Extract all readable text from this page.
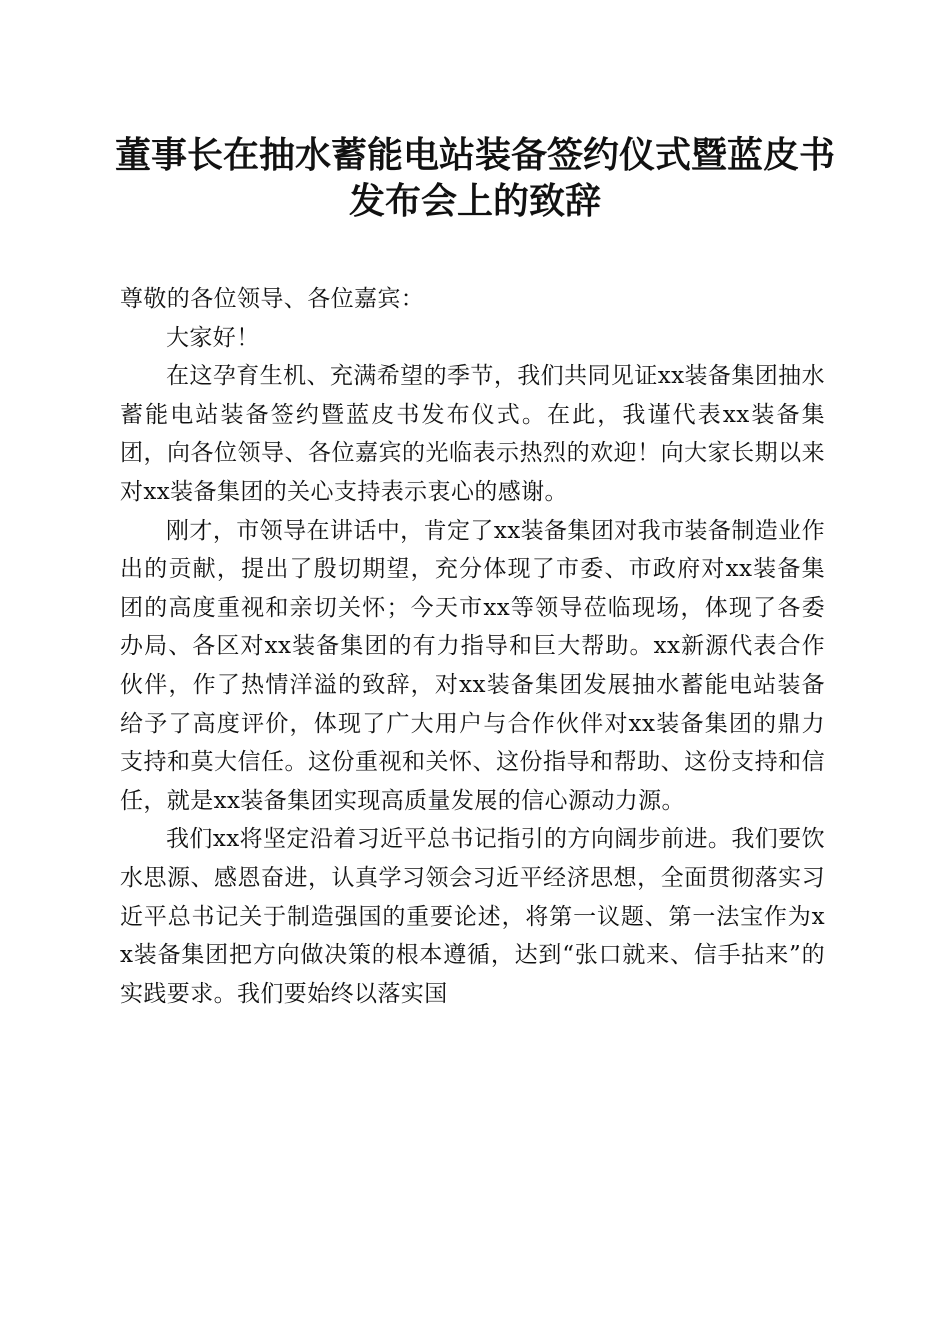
董事长在抽水蓄能电站装备签约仪式暨蓝皮书
发布会上的致辞

尊敬的各位领导、各位嘉宾：

大家好！

在这孕育生机、充满希望的季节，我们共同见证xx装备集团抽水蓄能电站装备签约暨蓝皮书发布仪式。在此，我谨代表xx装备集团，向各位领导、各位嘉宾的光临表示热烈的欢迎！向大家长期以来对xx装备集团的关心支持表示衷心的感谢。

刚才，市领导在讲话中，肯定了xx装备集团对我市装备制造业作出的贡献，提出了殷切期望，充分体现了市委、市政府对xx装备集团的高度重视和亲切关怀；今天市xx等领导莅临现场，体现了各委办局、各区对xx装备集团的有力指导和巨大帮助。xx新源代表合作伙伴，作了热情洋溢的致辞，对xx装备集团发展抽水蓄能电站装备给予了高度评价，体现了广大用户与合作伙伴对xx装备集团的鼎力支持和莫大信任。这份重视和关怀、这份指导和帮助、这份支持和信任，就是xx装备集团实现高质量发展的信心源动力源。

我们xx将坚定沿着习近平总书记指引的方向阔步前进。我们要饮水思源、感恩奋进，认真学习领会习近平经济思想，全面贯彻落实习近平总书记关于制造强国的重要论述，将第一议题、第一法宝作为xx装备集团把方向做决策的根本遵循，达到“张口就来、信手拈来”的实践要求。我们要始终以落实国
